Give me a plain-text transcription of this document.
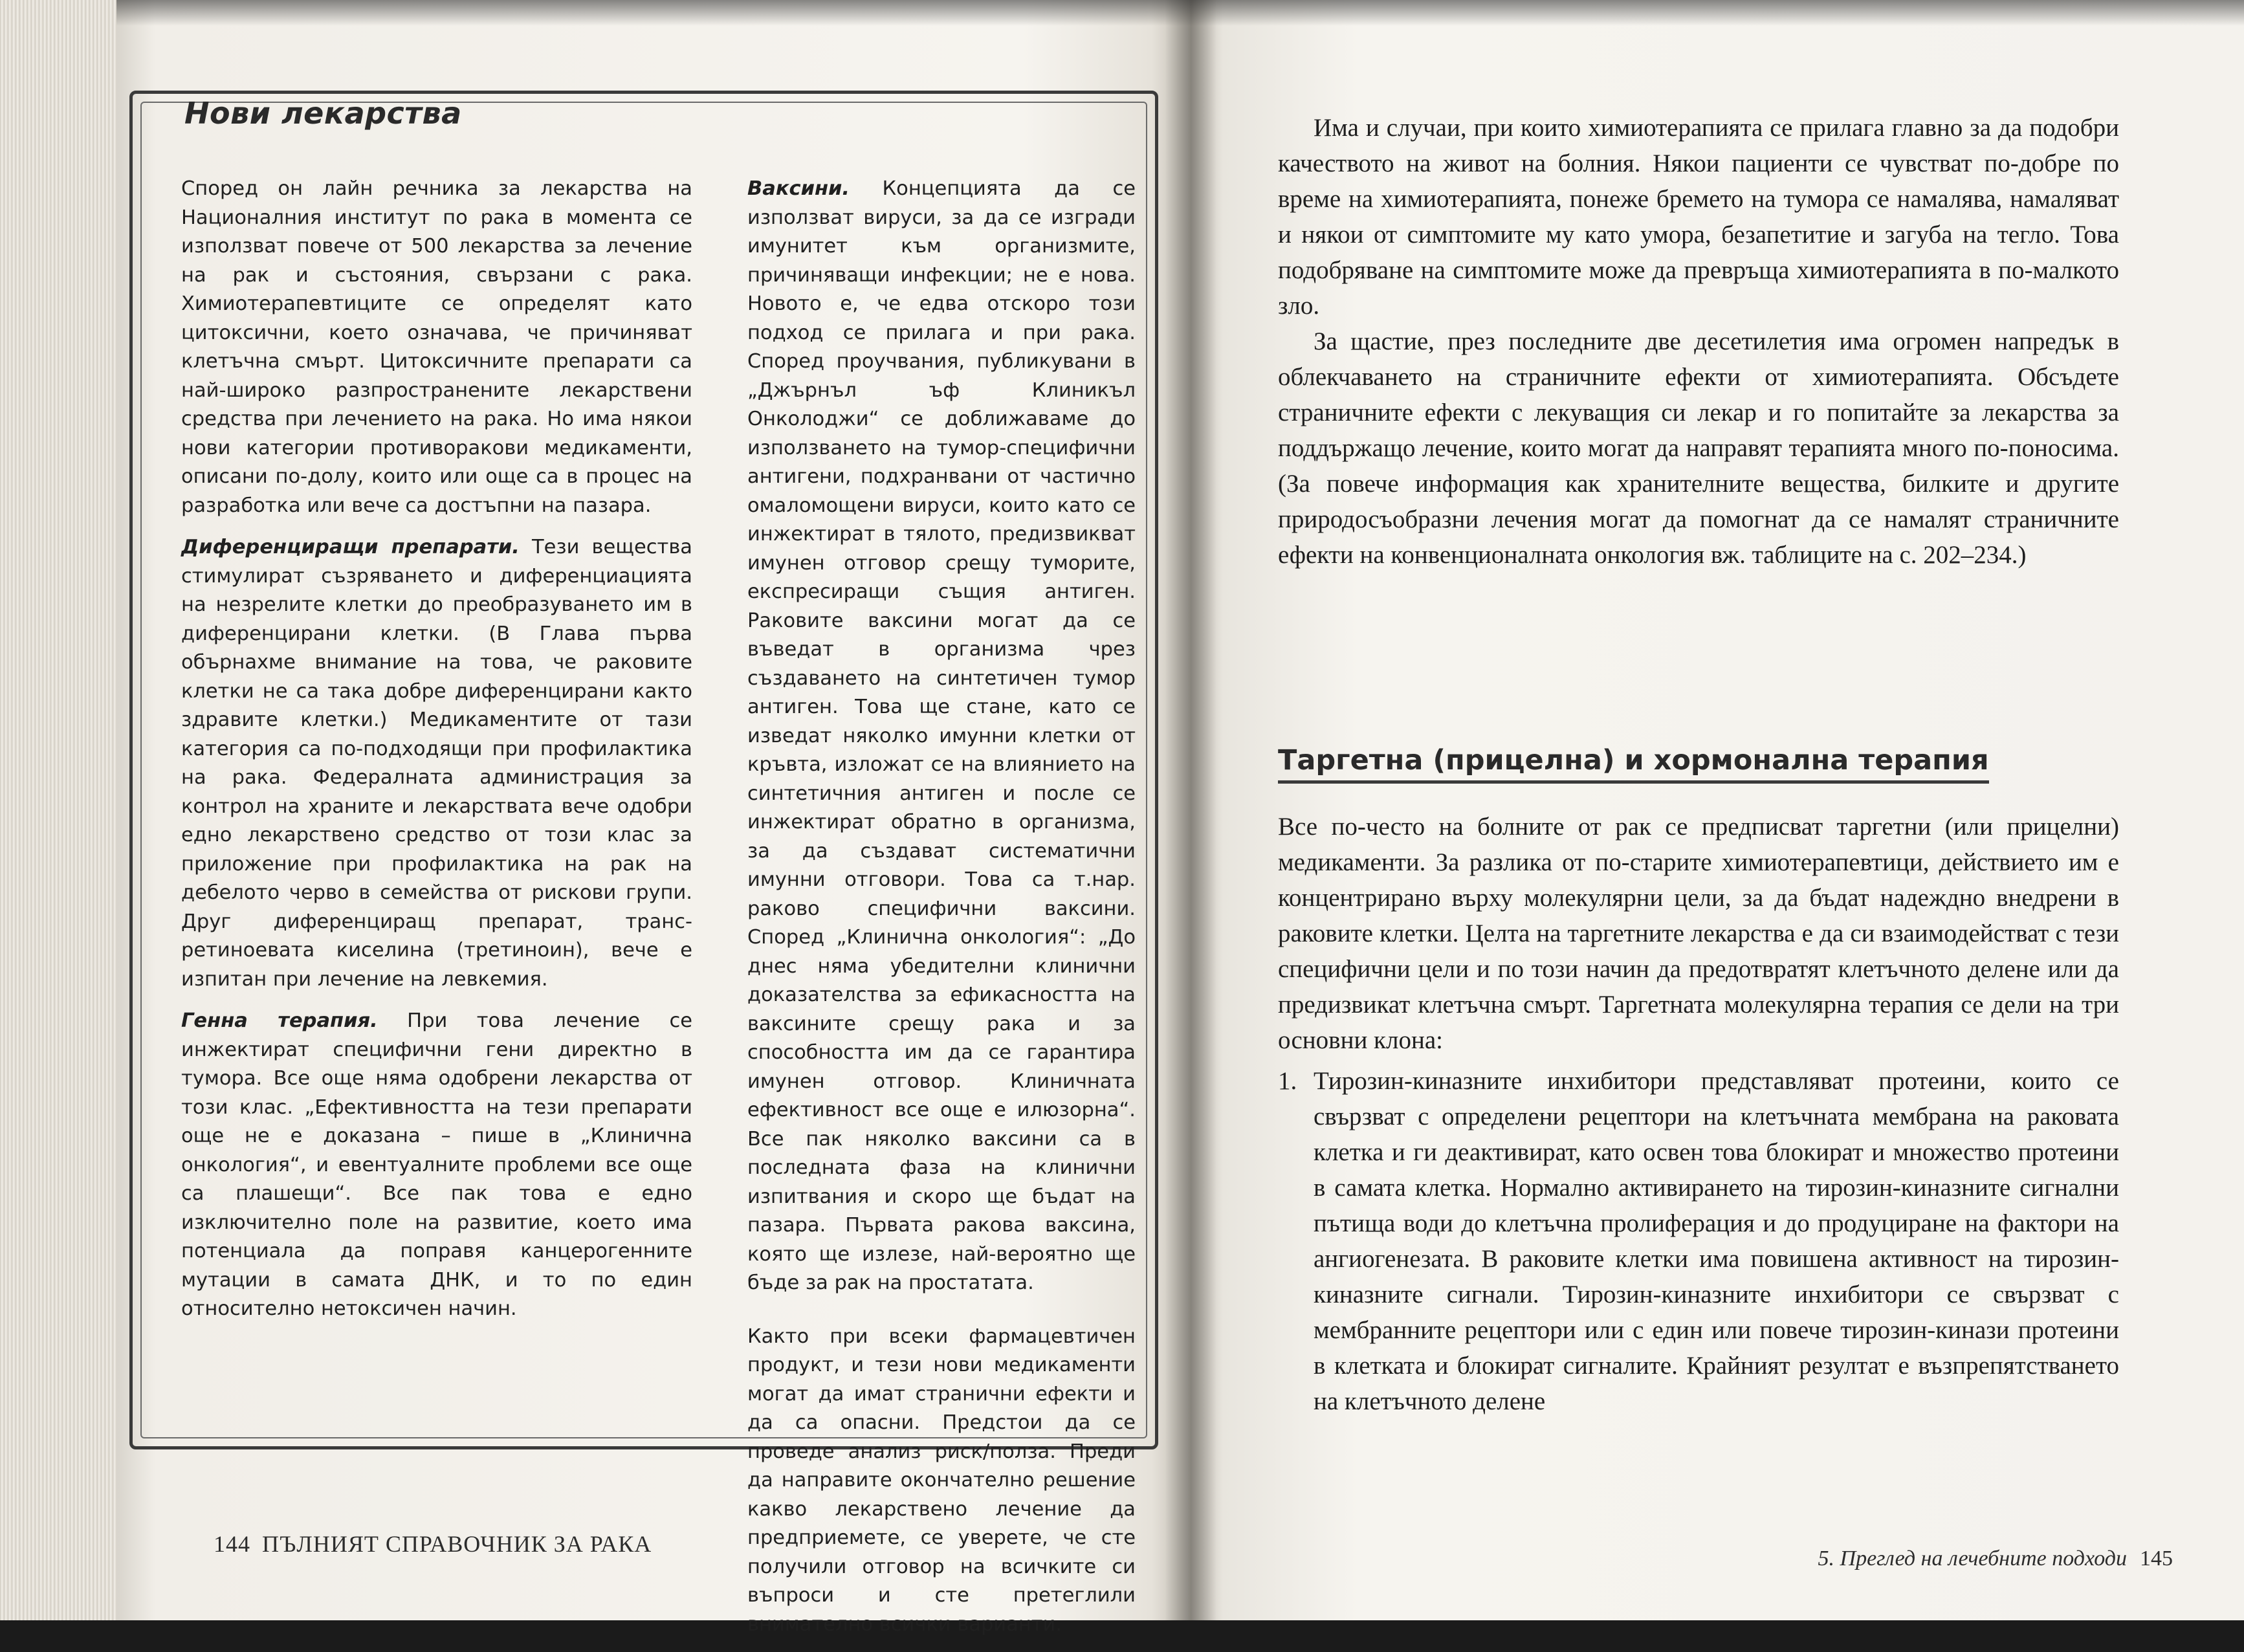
Нови лекарства

Според он лайн речника за лекарства на Националния институт по рака в момента се използват повече от 500 лекарства за лечение на рак и състояния, свързани с рака. Химиотерапевтиците се определят като цитоксични, което означава, че причиняват клетъчна смърт. Цитоксичните препарати са най-широко разпространените лекарствени средства при лечението на рака. Но има някои нови категории противоракови медикаменти, описани по-долу, които или още са в процес на разработка или вече са достъпни на пазара.

Диференциращи препарати. Тези вещества стимулират съзряването и диференциацията на незрелите клетки до преобразуването им в диференцирани клетки. (В Глава първа обърнахме внимание на това, че раковите клетки не са така добре диференцирани както здравите клетки.) Медикаментите от тази категория са по-подходящи при профилактика на рака. Федералната администрация за контрол на храните и лекарствата вече одобри едно лекарствено средство от този клас за приложение при профилактика на рак на дебелото черво в семейства от рискови групи. Друг диференциращ препарат, транс-ретиноевата киселина (третиноин), вече е изпитан при лечение на левкемия.

Генна терапия. При това лечение се инжектират специфични гени директно в тумора. Все още няма одобрени лекарства от този клас. „Ефективността на тези препарати още не е доказана – пише в „Клинична онкология“, и евентуалните проблеми все още са плашещи“. Все пак това е едно изключително поле на развитие, което има потенциала да поправя канцерогенните мутации в самата ДНК, и то по един относително нетоксичен начин.

Ваксини. Концепцията да се използват вируси, за да се изгради имунитет към организмите, причиняващи инфекции; не е нова. Новото е, че едва отскоро този подход се прилага и при рака. Според проучвания, публикувани в „Джърнъл ъф Клиникъл Онколоджи“ се доближаваме до използването на тумор-специфични антигени, подхранвани от частично омаломощени вируси, които като се инжектират в тялото, предизвикват имунен отговор срещу туморите, експресиращи същия антиген. Раковите ваксини могат да се въведат в организма чрез създаването на синтетичен тумор антиген. Това ще стане, като се изведат няколко имунни клетки от кръвта, изложат се на влиянието на синтетичния антиген и после се инжектират обратно в организма, за да създават систематични имунни отговори. Това са т.нар. раково специфични ваксини. Според „Клинична онкология“: „До днес няма убедителни клинични доказателства за ефикасността на ваксините срещу рака и за способността им да се гарантира имунен отговор. Клиничната ефективност все още е илюзорна“. Все пак няколко ваксини са в последната фаза на клинични изпитвания и скоро ще бъдат на пазара. Първата ракова ваксина, която ще излезе, най-вероятно ще бъде за рак на простатата.

Както при всеки фармацевтичен продукт, и тези нови медикаменти могат да имат странични ефекти и да са опасни. Предстои да се проведе анализ риск/полза. Преди да направите окончателно решение какво лекарствено лечение да предприемете, се уверете, че сте получили отговор на всичките си въпроси и сте претеглили внимателно всички варианти.

144 ПЪЛНИЯТ СПРАВОЧНИК ЗА РАКА

Има и случаи, при които химиотерапията се прилага главно за да подобри качеството на живот на болния. Някои пациенти се чувстват по-добре по време на химиотерапията, понеже бремето на тумора се намалява, намаляват и някои от симптомите му като умора, безапетитие и загуба на тегло. Това подобряване на симптомите може да превръща химиотерапията в по-малкото зло.

За щастие, през последните две десетилетия има огромен напредък в облекчаването на страничните ефекти от химиотерапията. Обсъдете страничните ефекти с лекуващия си лекар и го попитайте за лекарства за поддържащо лечение, които могат да направят терапията много по-поносима. (За повече информация как хранителните вещества, билките и другите природосъобразни лечения могат да помогнат да се намалят страничните ефекти на конвенционалната онкология вж. таблиците на с. 202–234.)

Таргетна (прицелна) и хормонална терапия

Все по-често на болните от рак се предписват таргетни (или прицелни) медикаменти. За разлика от по-старите химиотерапевтици, действието им е концентрирано върху молекулярни цели, за да бъдат надеждно внедрени в раковите клетки. Целта на таргетните лекарства е да си взаимодействат с тези специфични цели и по този начин да предотвратят клетъчното делене или да предизвикат клетъчна смърт. Таргетната молекулярна терапия се дели на три основни клона:

1. Тирозин-киназните инхибитори представляват протеини, които се свързват с определени рецептори на клетъчната мембрана на раковата клетка и ги деактивират, като освен това блокират и множество протеини в самата клетка. Нормално активирането на тирозин-киназните сигнални пътища води до клетъчна пролиферация и до продуциране на фактори на ангиогенезата. В раковите клетки има повишена активност на тирозин-киназните сигнали. Тирозин-киназните инхибитори се свързват с мембранните рецептори или с един или повече тирозин-кинази протеини в клетката и блокират сигналите. Крайният резултат е възпрепятстването на клетъчното делене
5. Преглед на лечебните подходи 145
